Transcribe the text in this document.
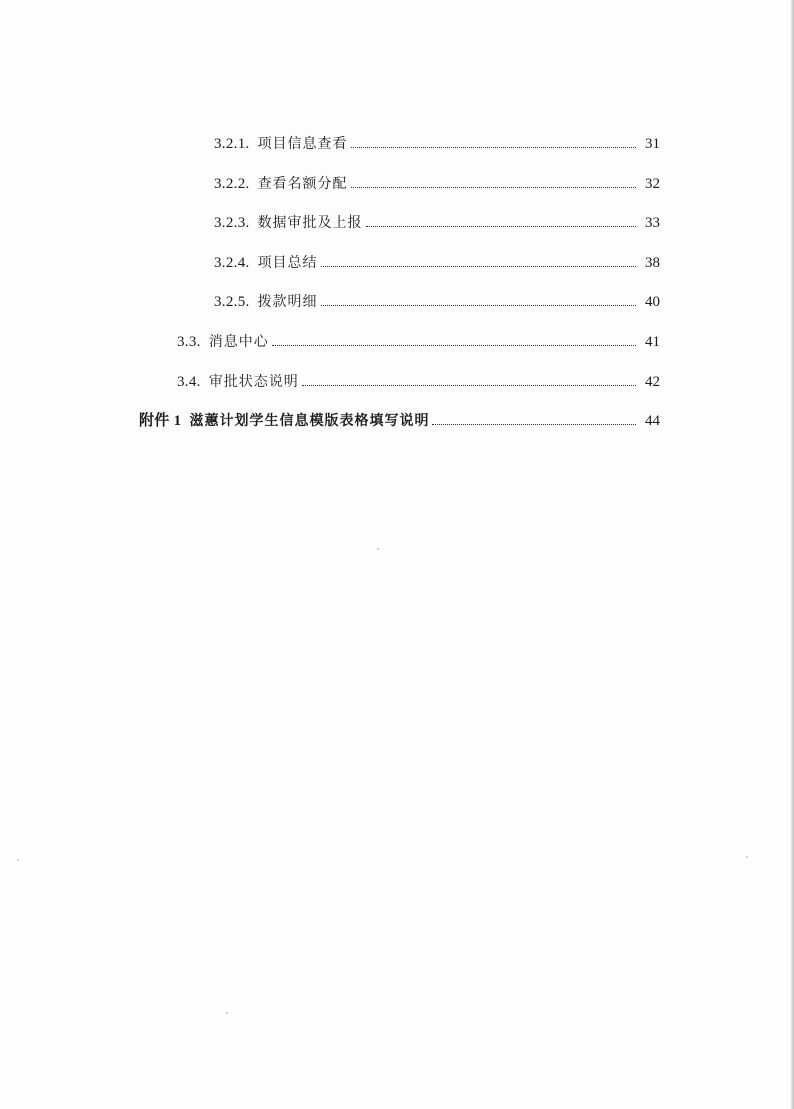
3.2.1. 项目信息查看	31
3.2.2. 查看名额分配	32
3.2.3. 数据审批及上报	33
3.2.4. 项目总结	38
3.2.5. 拨款明细	40
3.3. 消息中心	41
3.4. 审批状态说明	42
附件 1 滋蕙计划学生信息模版表格填写说明	44
